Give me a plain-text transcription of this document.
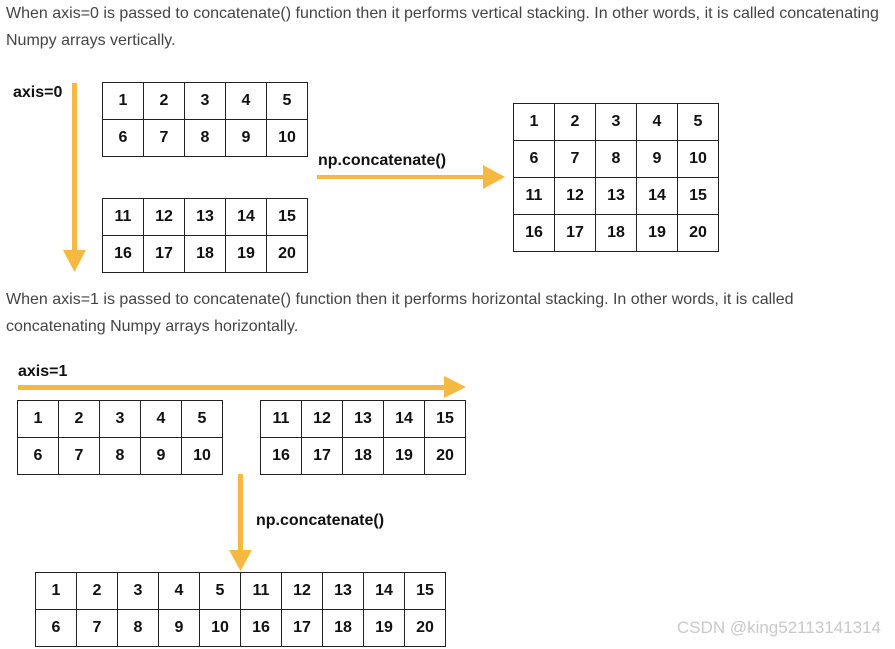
When axis=0 is passed to concatenate() function then it performs vertical stacking. In other words, it is called concatenating Numpy arrays vertically.

axis=0
np.concatenate()
1	2	3	4	5
6	7	8	9	10
11	12	13	14	15
16	17	18	19	20
1	2	3	4	5
6	7	8	9	10
11	12	13	14	15
16	17	18	19	20

When axis=1 is passed to concatenate() function then it performs horizontal stacking. In other words, it is called concatenating Numpy arrays horizontally.

axis=1
np.concatenate()
1	2	3	4	5
6	7	8	9	10
11	12	13	14	15
16	17	18	19	20
1	2	3	4	5	11	12	13	14	15
6	7	8	9	10	16	17	18	19	20	CSDN @king52113141314
